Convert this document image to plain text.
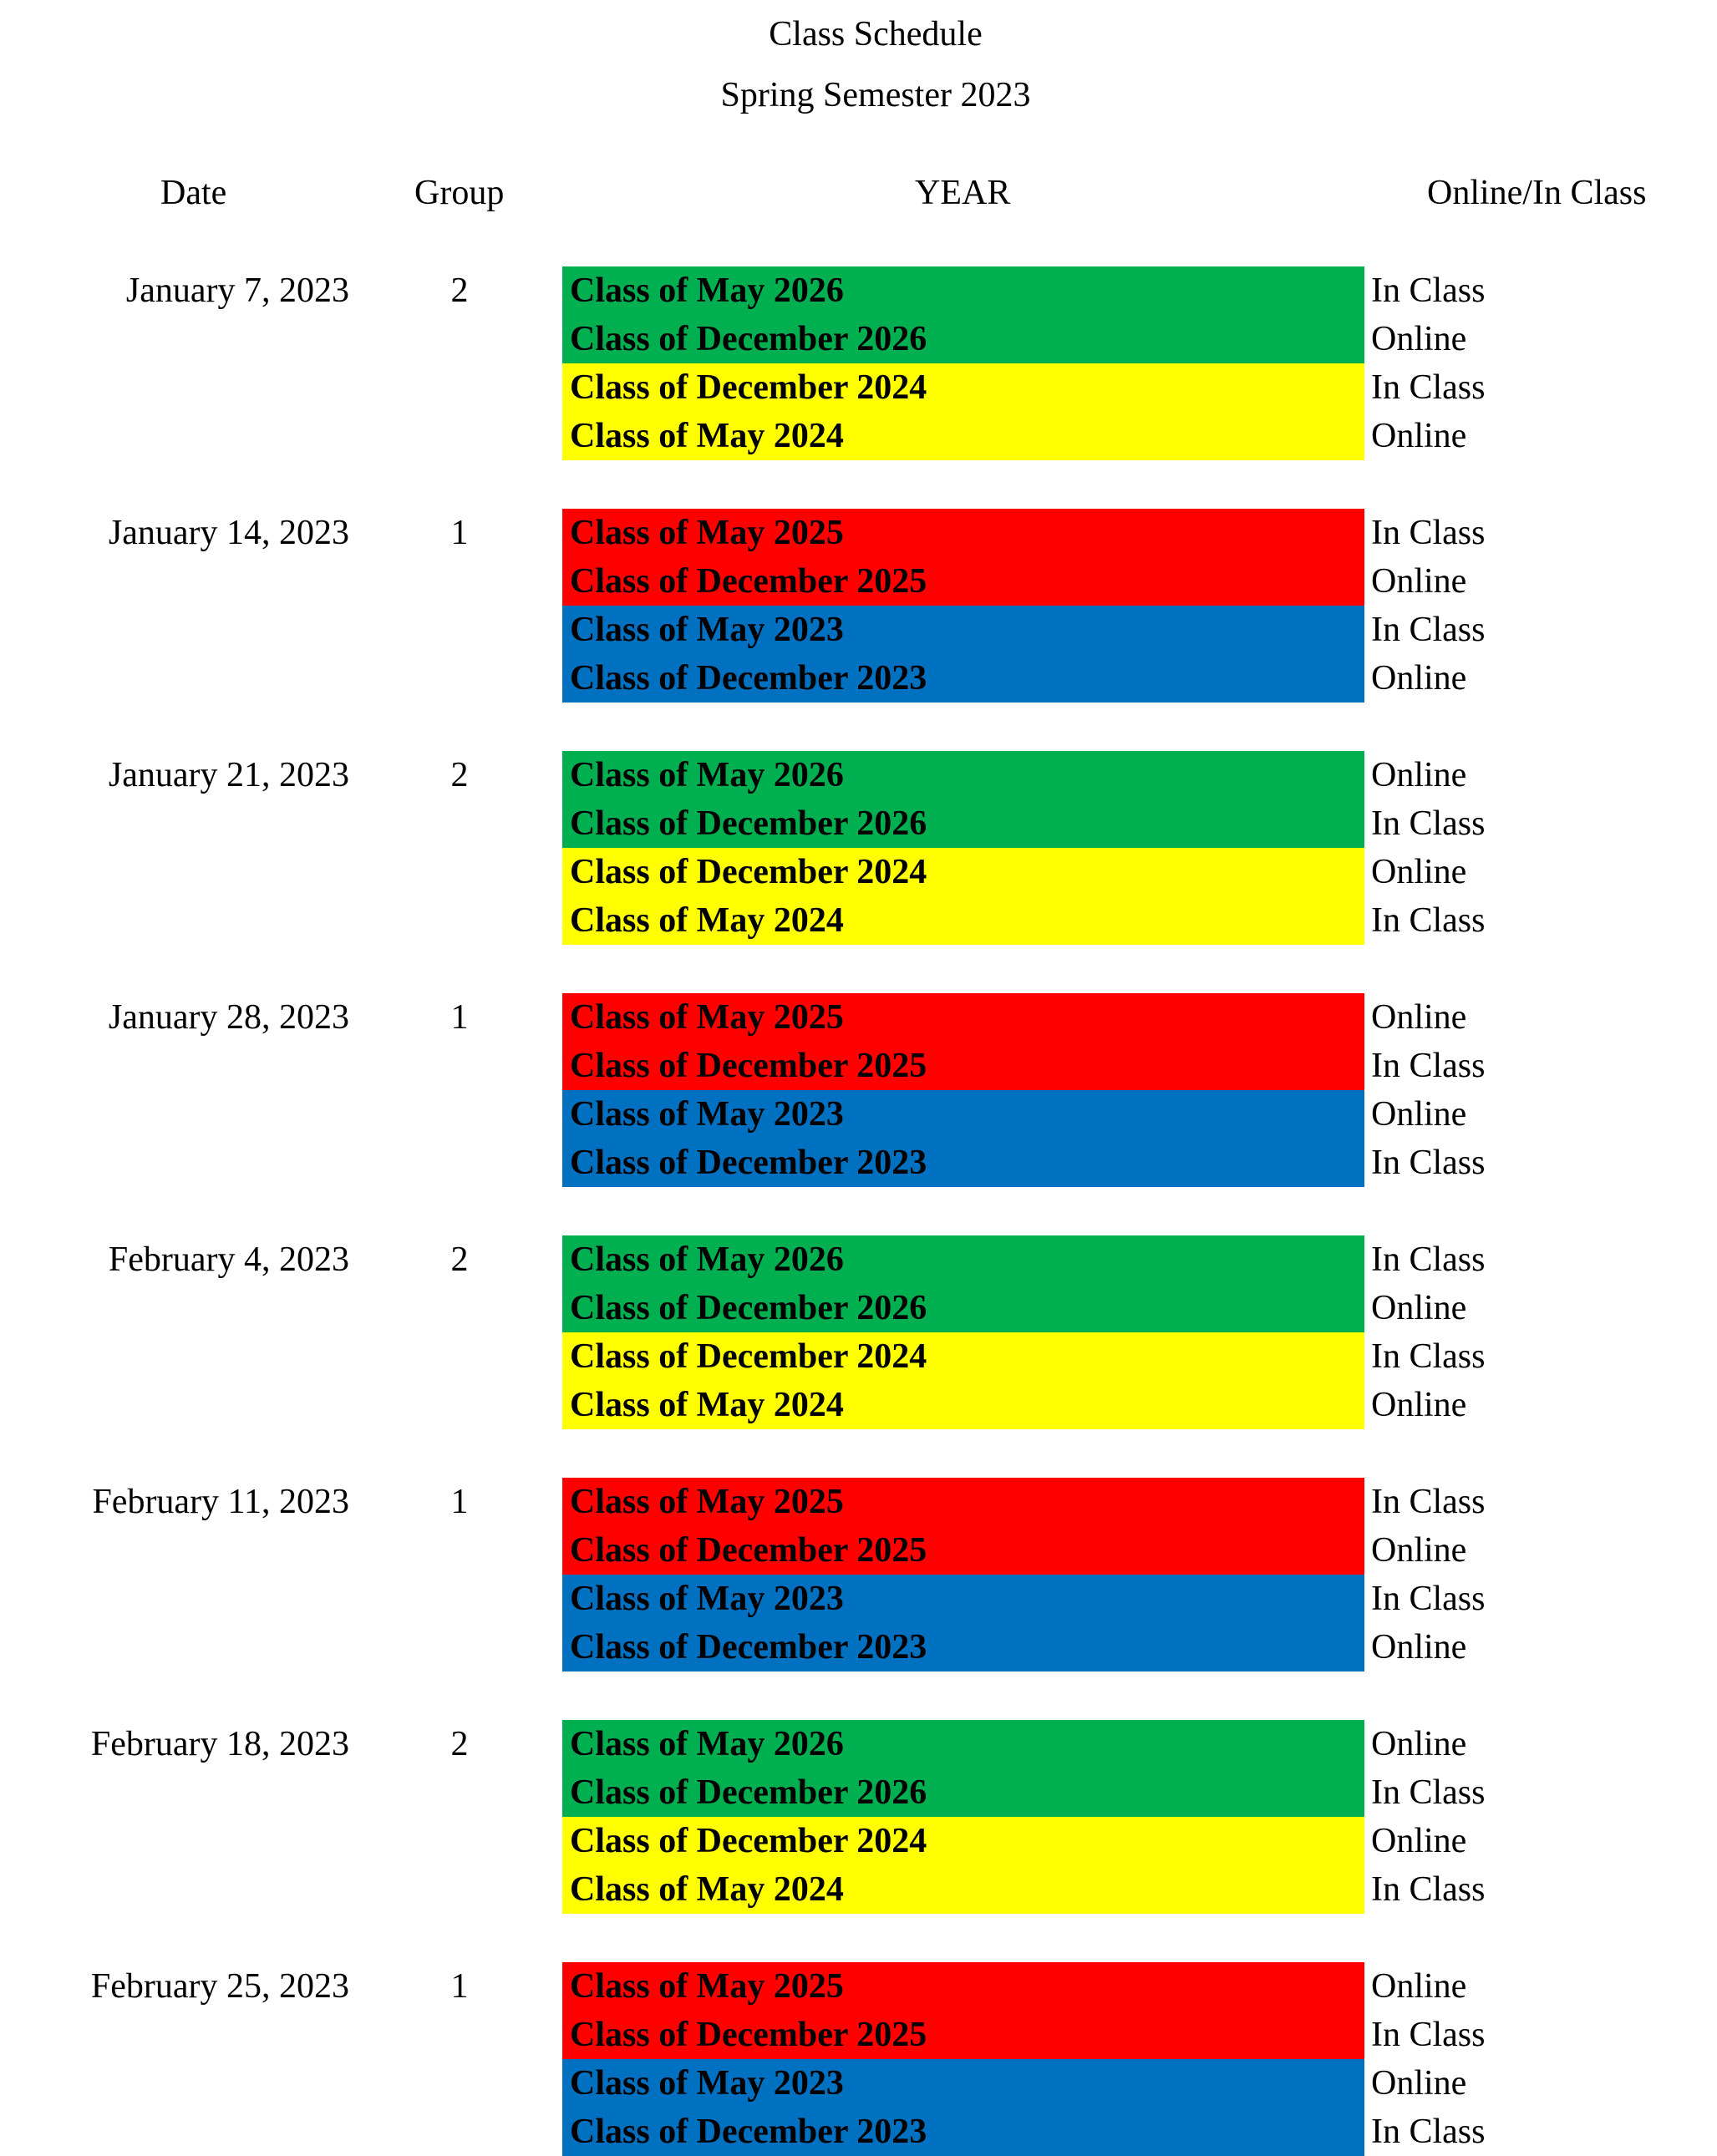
Class Schedule
Spring Semester 2023
Date	Group	YEAR	Online/In Class
January 7, 2023	2	Class of May 2026	In Class
Class of December 2026	Online
Class of December 2024	In Class
Class of May 2024	Online
January 14, 2023	1	Class of May 2025	In Class
Class of December 2025	Online
Class of May 2023	In Class
Class of December 2023	Online
January 21, 2023	2	Class of May 2026	Online
Class of December 2026	In Class
Class of December 2024	Online
Class of May 2024	In Class
January 28, 2023	1	Class of May 2025	Online
Class of December 2025	In Class
Class of May 2023	Online
Class of December 2023	In Class
February 4, 2023	2	Class of May 2026	In Class
Class of December 2026	Online
Class of December 2024	In Class
Class of May 2024	Online
February 11, 2023	1	Class of May 2025	In Class
Class of December 2025	Online
Class of May 2023	In Class
Class of December 2023	Online
February 18, 2023	2	Class of May 2026	Online
Class of December 2026	In Class
Class of December 2024	Online
Class of May 2024	In Class
February 25, 2023	1	Class of May 2025	Online
Class of December 2025	In Class
Class of May 2023	Online
Class of December 2023	In Class
